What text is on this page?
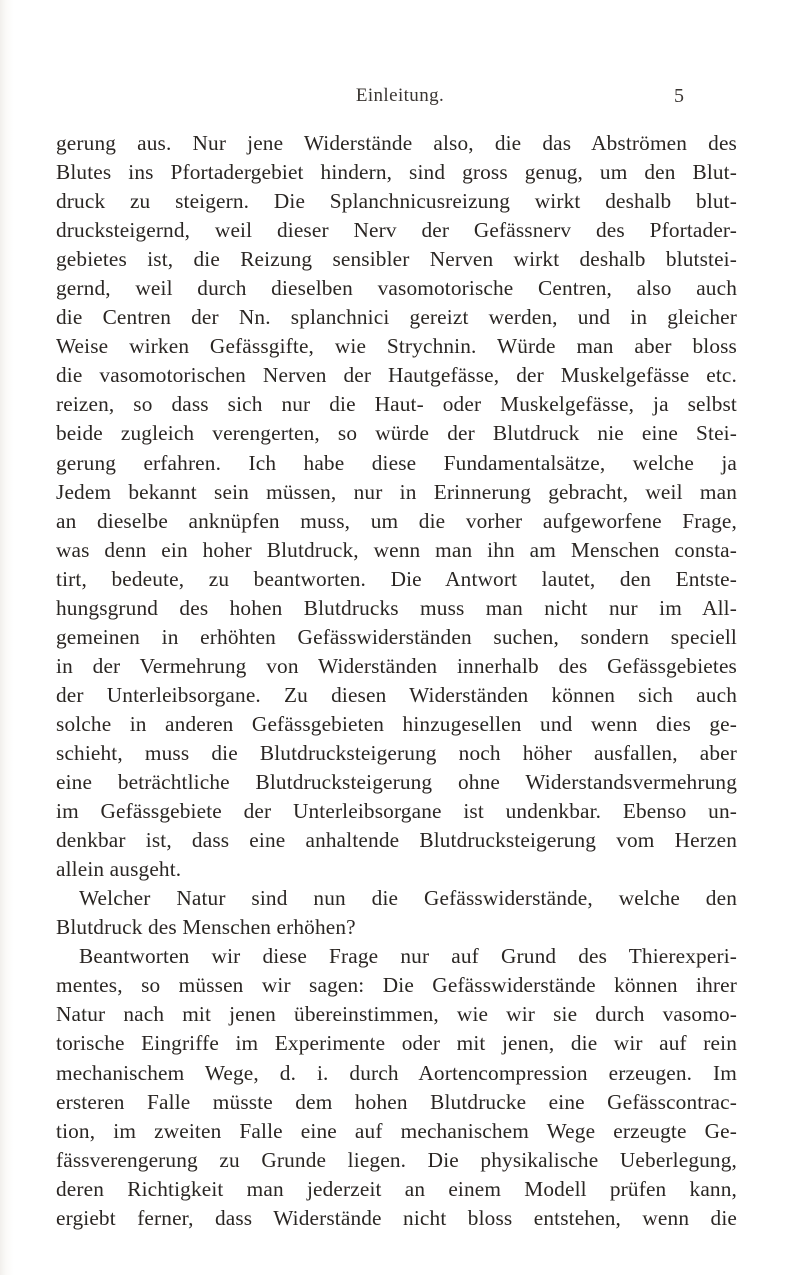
Einleitung.	5
gerung aus. Nur jene Widerstände also, die das Abströmen des
Blutes ins Pfortadergebiet hindern, sind gross genug, um den Blut-
druck zu steigern. Die Splanchnicusreizung wirkt deshalb blut-
drucksteigernd, weil dieser Nerv der Gefässnerv des Pfortader-
gebietes ist, die Reizung sensibler Nerven wirkt deshalb blutstei-
gernd, weil durch dieselben vasomotorische Centren, also auch
die Centren der Nn. splanchnici gereizt werden, und in gleicher
Weise wirken Gefässgifte, wie Strychnin. Würde man aber bloss
die vasomotorischen Nerven der Hautgefässe, der Muskelgefässe etc.
reizen, so dass sich nur die Haut- oder Muskelgefässe, ja selbst
beide zugleich verengerten, so würde der Blutdruck nie eine Stei-
gerung erfahren. Ich habe diese Fundamentalsätze, welche ja
Jedem bekannt sein müssen, nur in Erinnerung gebracht, weil man
an dieselbe anknüpfen muss, um die vorher aufgeworfene Frage,
was denn ein hoher Blutdruck, wenn man ihn am Menschen consta-
tirt, bedeute, zu beantworten. Die Antwort lautet, den Entste-
hungsgrund des hohen Blutdrucks muss man nicht nur im All-
gemeinen in erhöhten Gefässwiderständen suchen, sondern speciell
in der Vermehrung von Widerständen innerhalb des Gefässgebietes
der Unterleibsorgane. Zu diesen Widerständen können sich auch
solche in anderen Gefässgebieten hinzugesellen und wenn dies ge-
schieht, muss die Blutdrucksteigerung noch höher ausfallen, aber
eine beträchtliche Blutdrucksteigerung ohne Widerstandsvermehrung
im Gefässgebiete der Unterleibsorgane ist undenkbar. Ebenso un-
denkbar ist, dass eine anhaltende Blutdrucksteigerung vom Herzen
allein ausgeht.
Welcher Natur sind nun die Gefässwiderstände, welche den
Blutdruck des Menschen erhöhen?
Beantworten wir diese Frage nur auf Grund des Thierexperi-
mentes, so müssen wir sagen: Die Gefässwiderstände können ihrer
Natur nach mit jenen übereinstimmen, wie wir sie durch vasomo-
torische Eingriffe im Experimente oder mit jenen, die wir auf rein
mechanischem Wege, d. i. durch Aortencompression erzeugen. Im
ersteren Falle müsste dem hohen Blutdrucke eine Gefässcontrac-
tion, im zweiten Falle eine auf mechanischem Wege erzeugte Ge-
fässverengerung zu Grunde liegen. Die physikalische Ueberlegung,
deren Richtigkeit man jederzeit an einem Modell prüfen kann,
ergiebt ferner, dass Widerstände nicht bloss entstehen, wenn die
